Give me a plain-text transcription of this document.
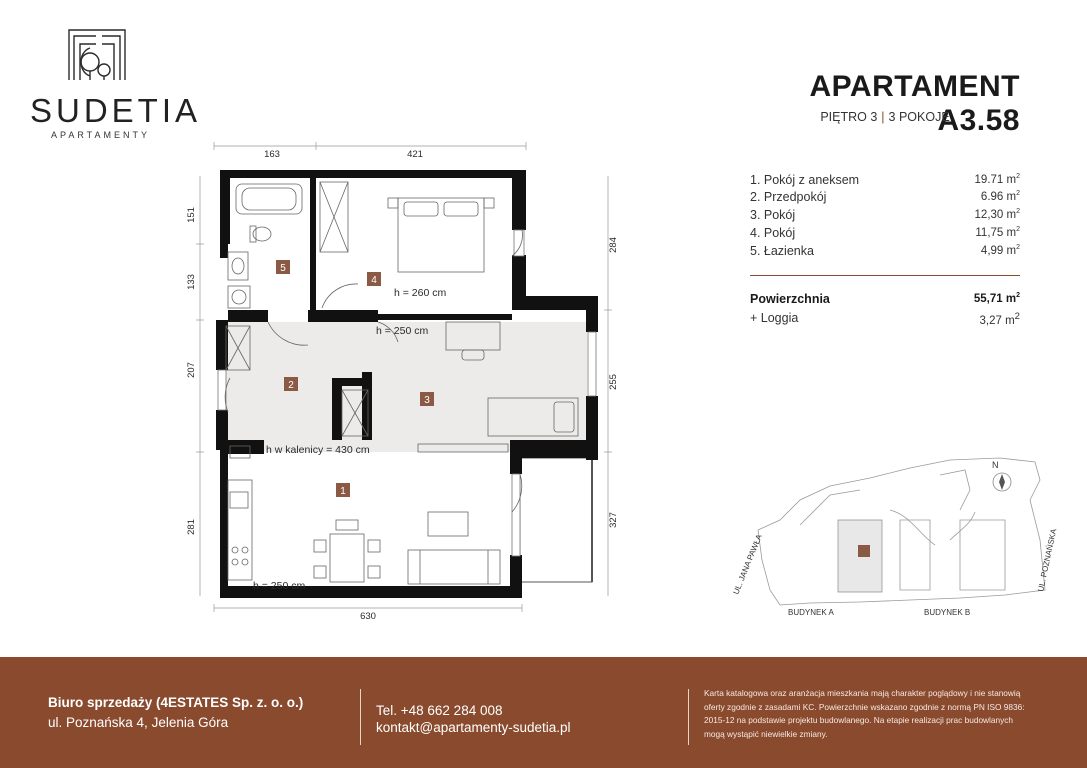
SUDETIA
APARTAMENTY
APARTAMENT A3.58
PIĘTRO 3 | 3 POKOJE
1. Pokój z aneksem	19.71 $m^2$
2. Przedpokój	6.96 $m^2$
3. Pokój	12,30 $m^2$
4. Pokój	11,75 $m^2$
5. Łazienka	4,99 $m^2$
Powierzchnia	55,71 $m^2$
+ Loggia	3,27 $m^2$
163	421
630
151
133
207
281
284
255
327
1
2
3
4
5
h = 260 cm
h = 250 cm
h w kalenicy = 430 cm
h = 250 cm
N
UL. JANA PAWŁA	UL. POZNAŃSKA
BUDYNEK A	BUDYNEK B
Biuro sprzedaży (4ESTATES Sp. z. o. o.)
ul. Poznańska 4, Jelenia Góra
Tel. +48 662 284 008
kontakt@apartamenty-sudetia.pl
Karta katalogowa oraz aranżacja mieszkania mają charakter poglądowy i nie stanowią oferty zgodnie z zasadami KC. Powierzchnie wskazano zgodnie z normą PN ISO 9836: 2015-12 na podstawie projektu budowlanego. Na etapie realizacji prac budowlanych mogą wystąpić niewielkie zmiany.
